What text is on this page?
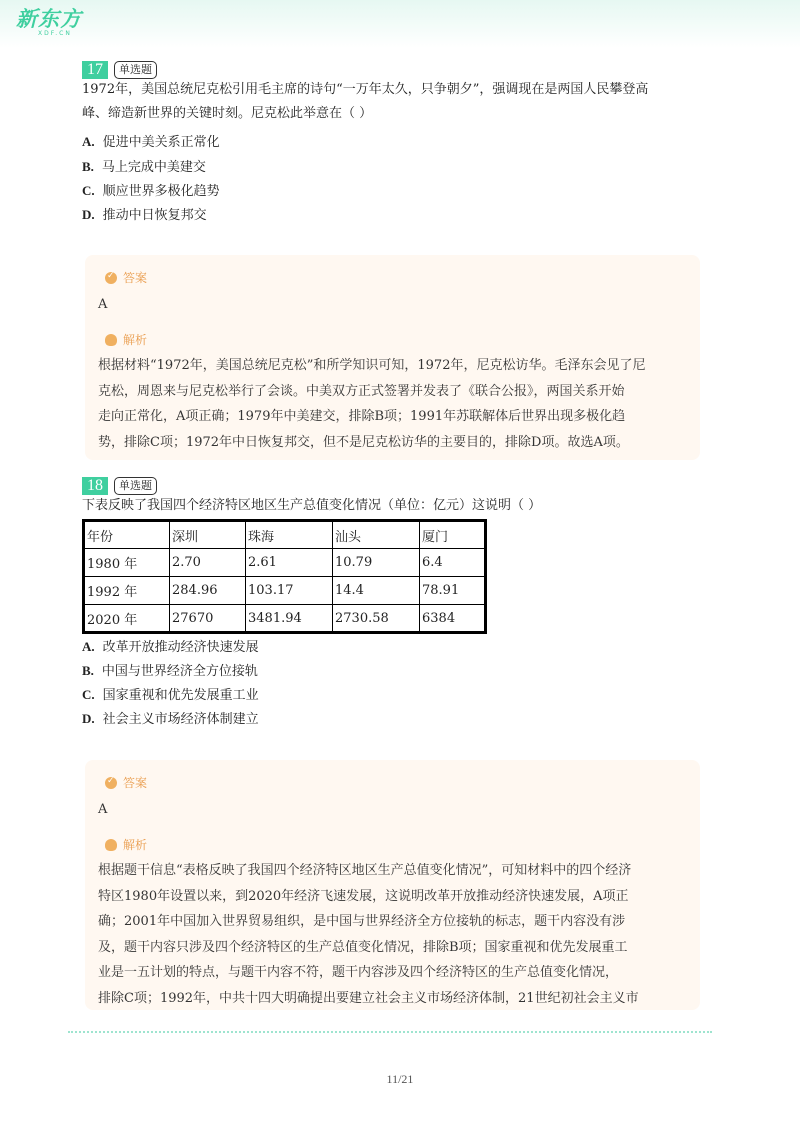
新东方
XDF.CN
17	单选题
1972年，美国总统尼克松引用毛主席的诗句“一万年太久，只争朝夕”，强调现在是两国人民攀登高
峰、缔造新世界的关键时刻。尼克松此举意在（ ）
A. 促进中美关系正常化
B. 马上完成中美建交
C. 顺应世界多极化趋势
D. 推动中日恢复邦交
✓
答案
A
解析
根据材料“1972年，美国总统尼克松”和所学知识可知，1972年，尼克松访华。毛泽东会见了尼
克松，周恩来与尼克松举行了会谈。中美双方正式签署并发表了《联合公报》，两国关系开始
走向正常化，A项正确；1979年中美建交，排除B项；1991年苏联解体后世界出现多极化趋
势，排除C项；1972年中日恢复邦交，但不是尼克松访华的主要目的，排除D项。故选A项。
18	单选题
下表反映了我国四个经济特区地区生产总值变化情况（单位：亿元）这说明（ ）
年份	深圳	珠海	汕头	厦门
1980 年	2.70	2.61	10.79	6.4
1992 年	284.96	103.17	14.4	78.91
2020 年	27670	3481.94	2730.58	6384
A. 改革开放推动经济快速发展
B. 中国与世界经济全方位接轨
C. 国家重视和优先发展重工业
D. 社会主义市场经济体制建立
✓
答案
A
解析
根据题干信息“表格反映了我国四个经济特区地区生产总值变化情况”，可知材料中的四个经济
特区1980年设置以来，到2020年经济飞速发展，这说明改革开放推动经济快速发展，A项正
确；2001年中国加入世界贸易组织，是中国与世界经济全方位接轨的标志，题干内容没有涉
及，题干内容只涉及四个经济特区的生产总值变化情况，排除B项；国家重视和优先发展重工
业是一五计划的特点，与题干内容不符，题干内容涉及四个经济特区的生产总值变化情况，
排除C项；1992年，中共十四大明确提出要建立社会主义市场经济体制，21世纪初社会主义市
11/21
